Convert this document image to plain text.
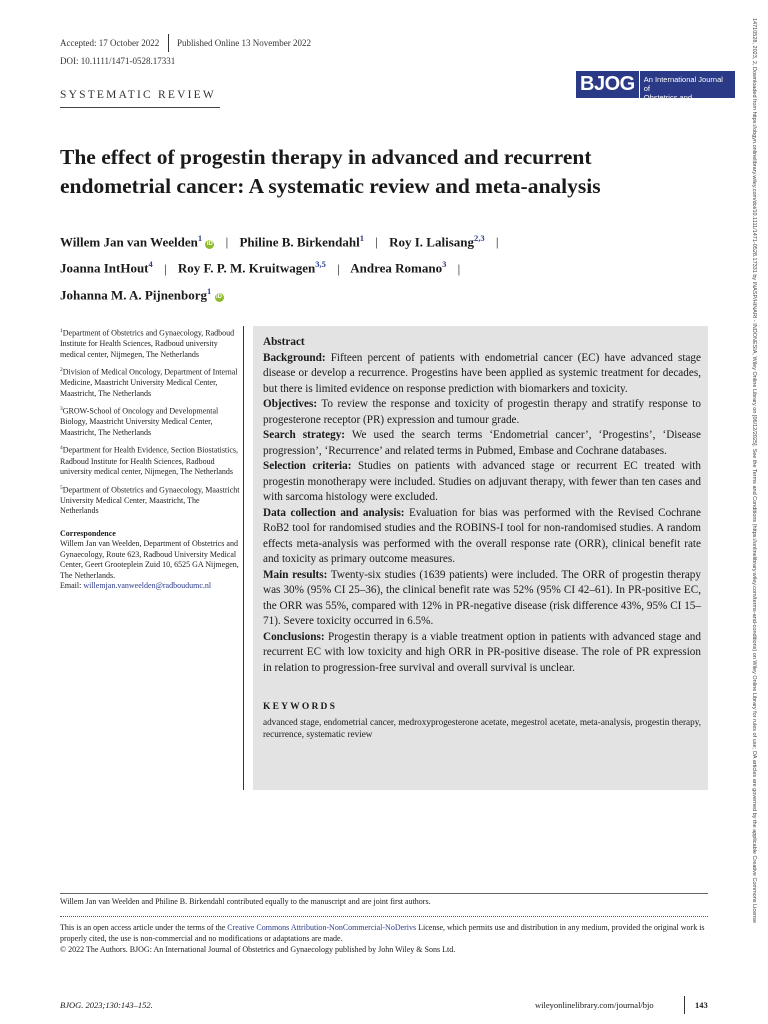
Accepted: 17 October 2022 Published Online 13 November 2022
DOI: 10.1111/1471-0528.17331
BJOG	An International Journal of
Obstetrics and Gynaecology
SYSTEMATIC REVIEW
The effect of progestin therapy in advanced and recurrent
endometrial cancer: A systematic review and meta-analysis
Willem Jan van Weelden$^1$ iD | Philine B. Birkendahl$^1$ | Roy I. Lalisang$^{2,3}$ |
Joanna IntHout$^4$ | Roy F. P. M. Kruitwagen$^{3,5}$ | Andrea Romano$^3$ |
Johanna M. A. Pijnenborg$^1$ iD

$^1$Department of Obstetrics and Gynaecology, Radboud Institute for Health Sciences, Radboud university medical center, Nijmegen, The Netherlands

$^2$Division of Medical Oncology, Department of Internal Medicine, Maastricht University Medical Center, Maastricht, The Netherlands

$^3$GROW-School of Oncology and Developmental Biology, Maastricht University Medical Center, Maastricht, The Netherlands

$^4$Department for Health Evidence, Section Biostatistics, Radboud Institute for Health Sciences, Radboud university medical center, Nijmegen, The Netherlands

$^5$Department of Obstetrics and Gynaecology, Maastricht University Medical Center, Maastricht, The Netherlands

Correspondence

Willem Jan van Weelden, Department of Obstetrics and Gynaecology, Route 623, Radboud University Medical Center, Geert Grooteplein Zuid 10, 6525 GA Nijmegen, The Netherlands.

Email: willemjan.vanweelden@radboudumc.nl

Abstract

Background: Fifteen percent of patients with endometrial cancer (EC) have advanced stage disease or develop a recurrence. Progestins have been applied as systemic treatment for decades, but there is limited evidence on response prediction with biomarkers and toxicity.

Objectives: To review the response and toxicity of progestin therapy and stratify response to progesterone receptor (PR) expression and tumour grade.

Search strategy: We used the search terms ‘Endometrial cancer’, ‘Progestins’, ‘Disease progression’, ‘Recurrence’ and related terms in Pubmed, Embase and Cochrane databases.

Selection criteria: Studies on patients with advanced stage or recurrent EC treated with progestin monotherapy were included. Studies on adjuvant therapy, with fewer than ten cases and with sarcoma histology were excluded.

Data collection and analysis: Evaluation for bias was performed with the Revised Cochrane RoB2 tool for randomised studies and the ROBINS-I tool for non-randomised studies. A random effects meta-analysis was performed with the overall response rate (ORR), clinical benefit rate and toxicity as primary outcome measures.

Main results: Twenty-six studies (1639 patients) were included. The ORR of progestin therapy was 30% (95% CI 25–36), the clinical benefit rate was 52% (95% CI 42–61). In PR-positive EC, the ORR was 55%, compared with 12% in PR-negative disease (risk difference 43%, 95% CI 15–71). Severe toxicity occurred in 6.5%.

Conclusions: Progestin therapy is a viable treatment option in patients with advanced stage and recurrent EC with low toxicity and high ORR in PR-positive disease. The role of PR expression in relation to progression-free survival and overall survival is unclear.

KEYWORDS
advanced stage, endometrial cancer, medroxyprogesterone acetate, megestrol acetate, meta-analysis, progestin therapy, recurrence, systematic review
Willem Jan van Weelden and Philine B. Birkendahl contributed equally to the manuscript and are joint first authors.
This is an open access article under the terms of the Creative Commons Attribution-NonCommercial-NoDerivs License, which permits use and distribution in any medium, provided the original work is properly cited, the use is non-commercial and no modifications or adaptations are made.
© 2022 The Authors. BJOG: An International Journal of Obstetrics and Gynaecology published by John Wiley & Sons Ltd.
BJOG. 2023;130:143–152.	wileyonlinelibrary.com/journal/bjo	143
14710528, 2023, 2, Downloaded from https://obgyn.onlinelibrary.wiley.com/doi/10.1111/1471-0528.17331 by INASP/HINARI - INDONESIA, Wiley Online Library on [06/12/2025]. See the Terms and Conditions (https://onlinelibrary.wiley.com/terms-and-conditions) on Wiley Online Library for rules of use; OA articles are governed by the applicable Creative Commons License
